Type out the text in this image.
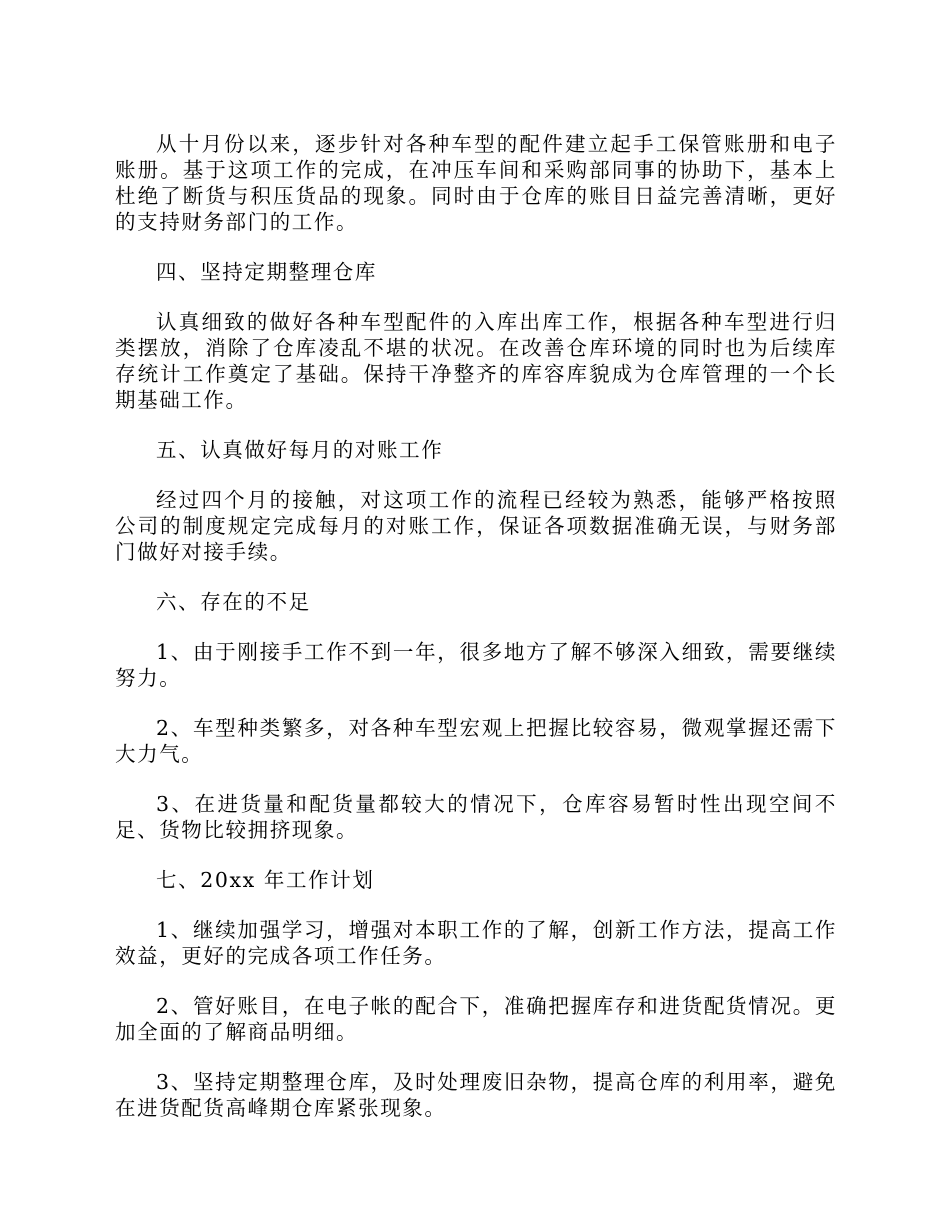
从十月份以来，逐步针对各种车型的配件建立起手工保管账册和电子账册。基于这项工作的完成，在冲压车间和采购部同事的协助下，基本上杜绝了断货与积压货品的现象。同时由于仓库的账目日益完善清晰，更好的支持财务部门的工作。

四、坚持定期整理仓库

认真细致的做好各种车型配件的入库出库工作，根据各种车型进行归类摆放，消除了仓库凌乱不堪的状况。在改善仓库环境的同时也为后续库存统计工作奠定了基础。保持干净整齐的库容库貌成为仓库管理的一个长期基础工作。

五、认真做好每月的对账工作

经过四个月的接触，对这项工作的流程已经较为熟悉，能够严格按照公司的制度规定完成每月的对账工作，保证各项数据准确无误，与财务部门做好对接手续。

六、存在的不足

1、由于刚接手工作不到一年，很多地方了解不够深入细致，需要继续努力。

2、车型种类繁多，对各种车型宏观上把握比较容易，微观掌握还需下大力气。

3、在进货量和配货量都较大的情况下，仓库容易暂时性出现空间不足、货物比较拥挤现象。

七、20xx 年工作计划

1、继续加强学习，增强对本职工作的了解，创新工作方法，提高工作效益，更好的完成各项工作任务。

2、管好账目，在电子帐的配合下，准确把握库存和进货配货情况。更加全面的了解商品明细。

3、坚持定期整理仓库，及时处理废旧杂物，提高仓库的利用率，避免在进货配货高峰期仓库紧张现象。
